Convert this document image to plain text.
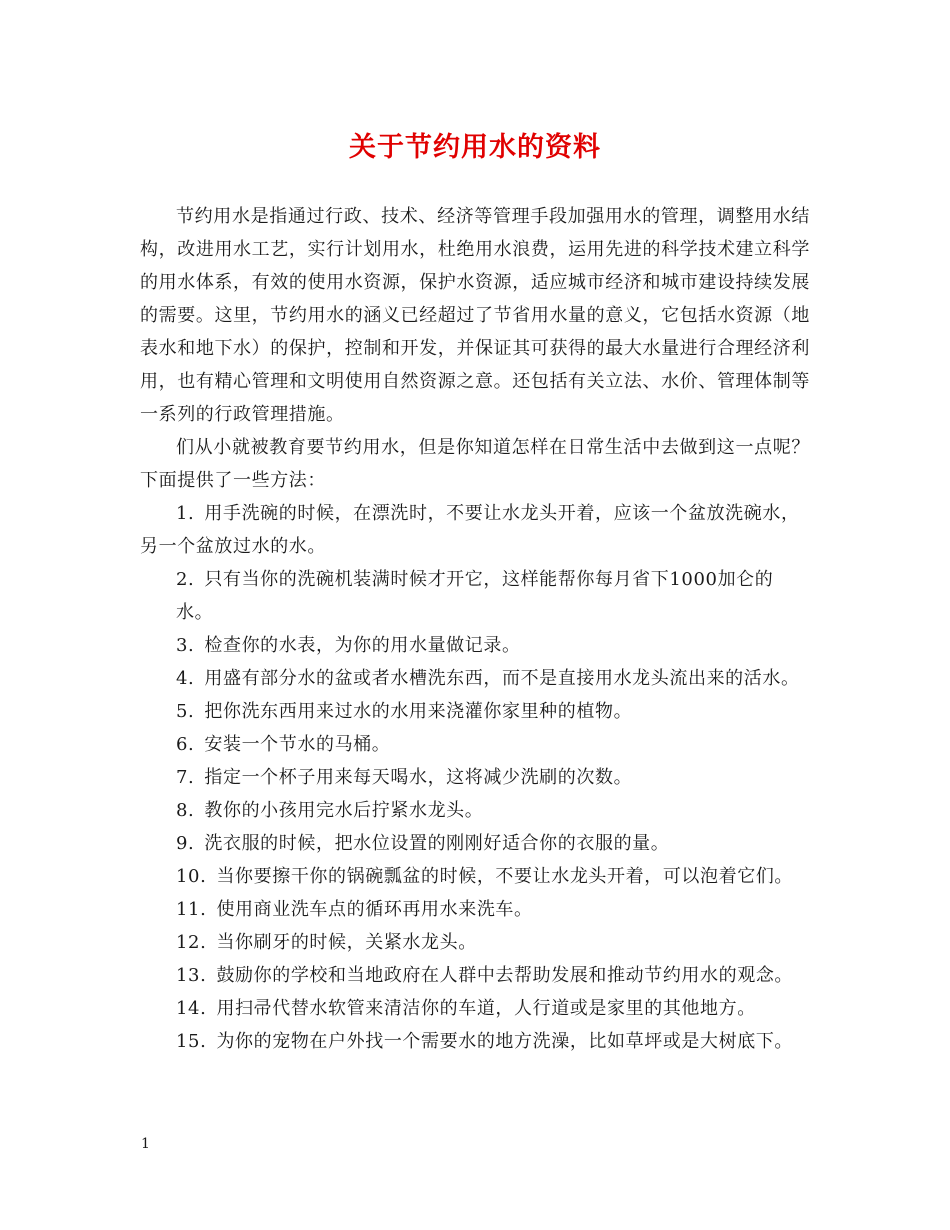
关于节约用水的资料

节约用水是指通过行政、技术、经济等管理手段加强用水的管理，调整用水结构，改进用水工艺，实行计划用水，杜绝用水浪费，运用先进的科学技术建立科学的用水体系，有效的使用水资源，保护水资源，适应城市经济和城市建设持续发展的需要。这里，节约用水的涵义已经超过了节省用水量的意义，它包括水资源（地表水和地下水）的保护，控制和开发，并保证其可获得的最大水量进行合理经济利用，也有精心管理和文明使用自然资源之意。还包括有关立法、水价、管理体制等一系列的行政管理措施。

们从小就被教育要节约用水，但是你知道怎样在日常生活中去做到这一点呢？下面提供了一些方法：

1. 用手洗碗的时候，在漂洗时，不要让水龙头开着，应该一个盆放洗碗水，另一个盆放过水的水。
2. 只有当你的洗碗机装满时候才开它，这样能帮你每月省下1000加仑的水。
3. 检查你的水表，为你的用水量做记录。
4. 用盛有部分水的盆或者水槽洗东西，而不是直接用水龙头流出来的活水。
5. 把你洗东西用来过水的水用来浇灌你家里种的植物。
6. 安装一个节水的马桶。
7. 指定一个杯子用来每天喝水，这将减少洗刷的次数。
8. 教你的小孩用完水后拧紧水龙头。
9. 洗衣服的时候，把水位设置的刚刚好适合你的衣服的量。
10. 当你要擦干你的锅碗瓢盆的时候，不要让水龙头开着，可以泡着它们。
11. 使用商业洗车点的循环再用水来洗车。
12. 当你刷牙的时候，关紧水龙头。
13. 鼓励你的学校和当地政府在人群中去帮助发展和推动节约用水的观念。
14. 用扫帚代替水软管来清洁你的车道，人行道或是家里的其他地方。
15. 为你的宠物在户外找一个需要水的地方洗澡，比如草坪或是大树底下。
1
